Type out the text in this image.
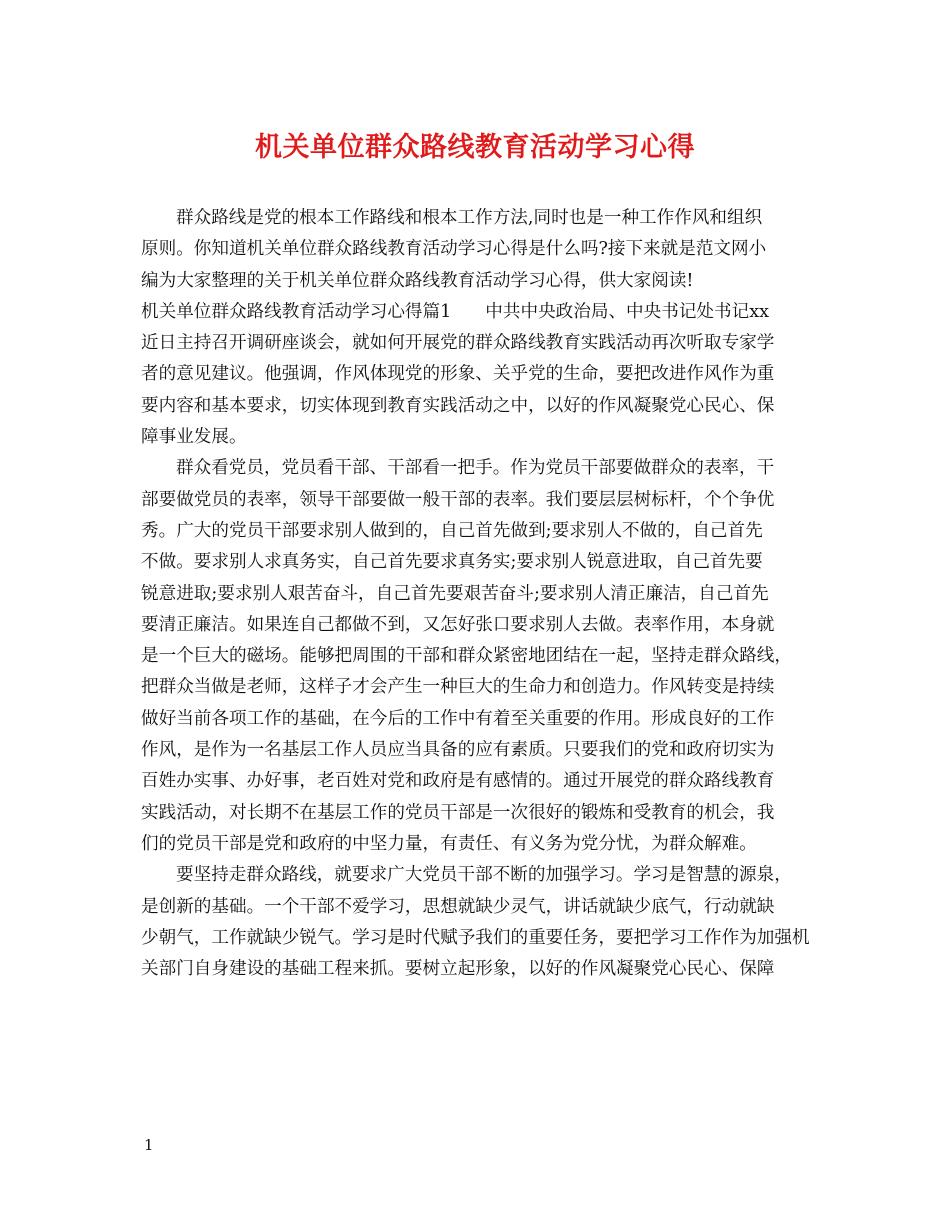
机关单位群众路线教育活动学习心得
群众路线是党的根本工作路线和根本工作方法,同时也是一种工作作风和组织
原则。你知道机关单位群众路线教育活动学习心得是什么吗?接下来就是范文网小
编为大家整理的关于机关单位群众路线教育活动学习心得，供大家阅读!
机关单位群众路线教育活动学习心得篇1 中共中央政治局、中央书记处书记xx
近日主持召开调研座谈会，就如何开展党的群众路线教育实践活动再次听取专家学
者的意见建议。他强调，作风体现党的形象、关乎党的生命，要把改进作风作为重
要内容和基本要求，切实体现到教育实践活动之中，以好的作风凝聚党心民心、保
障事业发展。
群众看党员，党员看干部、干部看一把手。作为党员干部要做群众的表率，干
部要做党员的表率，领导干部要做一般干部的表率。我们要层层树标杆，个个争优
秀。广大的党员干部要求别人做到的，自己首先做到;要求别人不做的，自己首先
不做。要求别人求真务实，自己首先要求真务实;要求别人锐意进取，自己首先要
锐意进取;要求别人艰苦奋斗，自己首先要艰苦奋斗;要求别人清正廉洁，自己首先
要清正廉洁。如果连自己都做不到，又怎好张口要求别人去做。表率作用，本身就
是一个巨大的磁场。能够把周围的干部和群众紧密地团结在一起，坚持走群众路线，
把群众当做是老师，这样子才会产生一种巨大的生命力和创造力。作风转变是持续
做好当前各项工作的基础，在今后的工作中有着至关重要的作用。形成良好的工作
作风，是作为一名基层工作人员应当具备的应有素质。只要我们的党和政府切实为
百姓办实事、办好事，老百姓对党和政府是有感情的。通过开展党的群众路线教育
实践活动，对长期不在基层工作的党员干部是一次很好的锻炼和受教育的机会，我
们的党员干部是党和政府的中坚力量，有责任、有义务为党分忧，为群众解难。
要坚持走群众路线，就要求广大党员干部不断的加强学习。学习是智慧的源泉，
是创新的基础。一个干部不爱学习，思想就缺少灵气，讲话就缺少底气，行动就缺
少朝气，工作就缺少锐气。学习是时代赋予我们的重要任务，要把学习工作作为加强机
关部门自身建设的基础工程来抓。要树立起形象，以好的作风凝聚党心民心、保障
1
